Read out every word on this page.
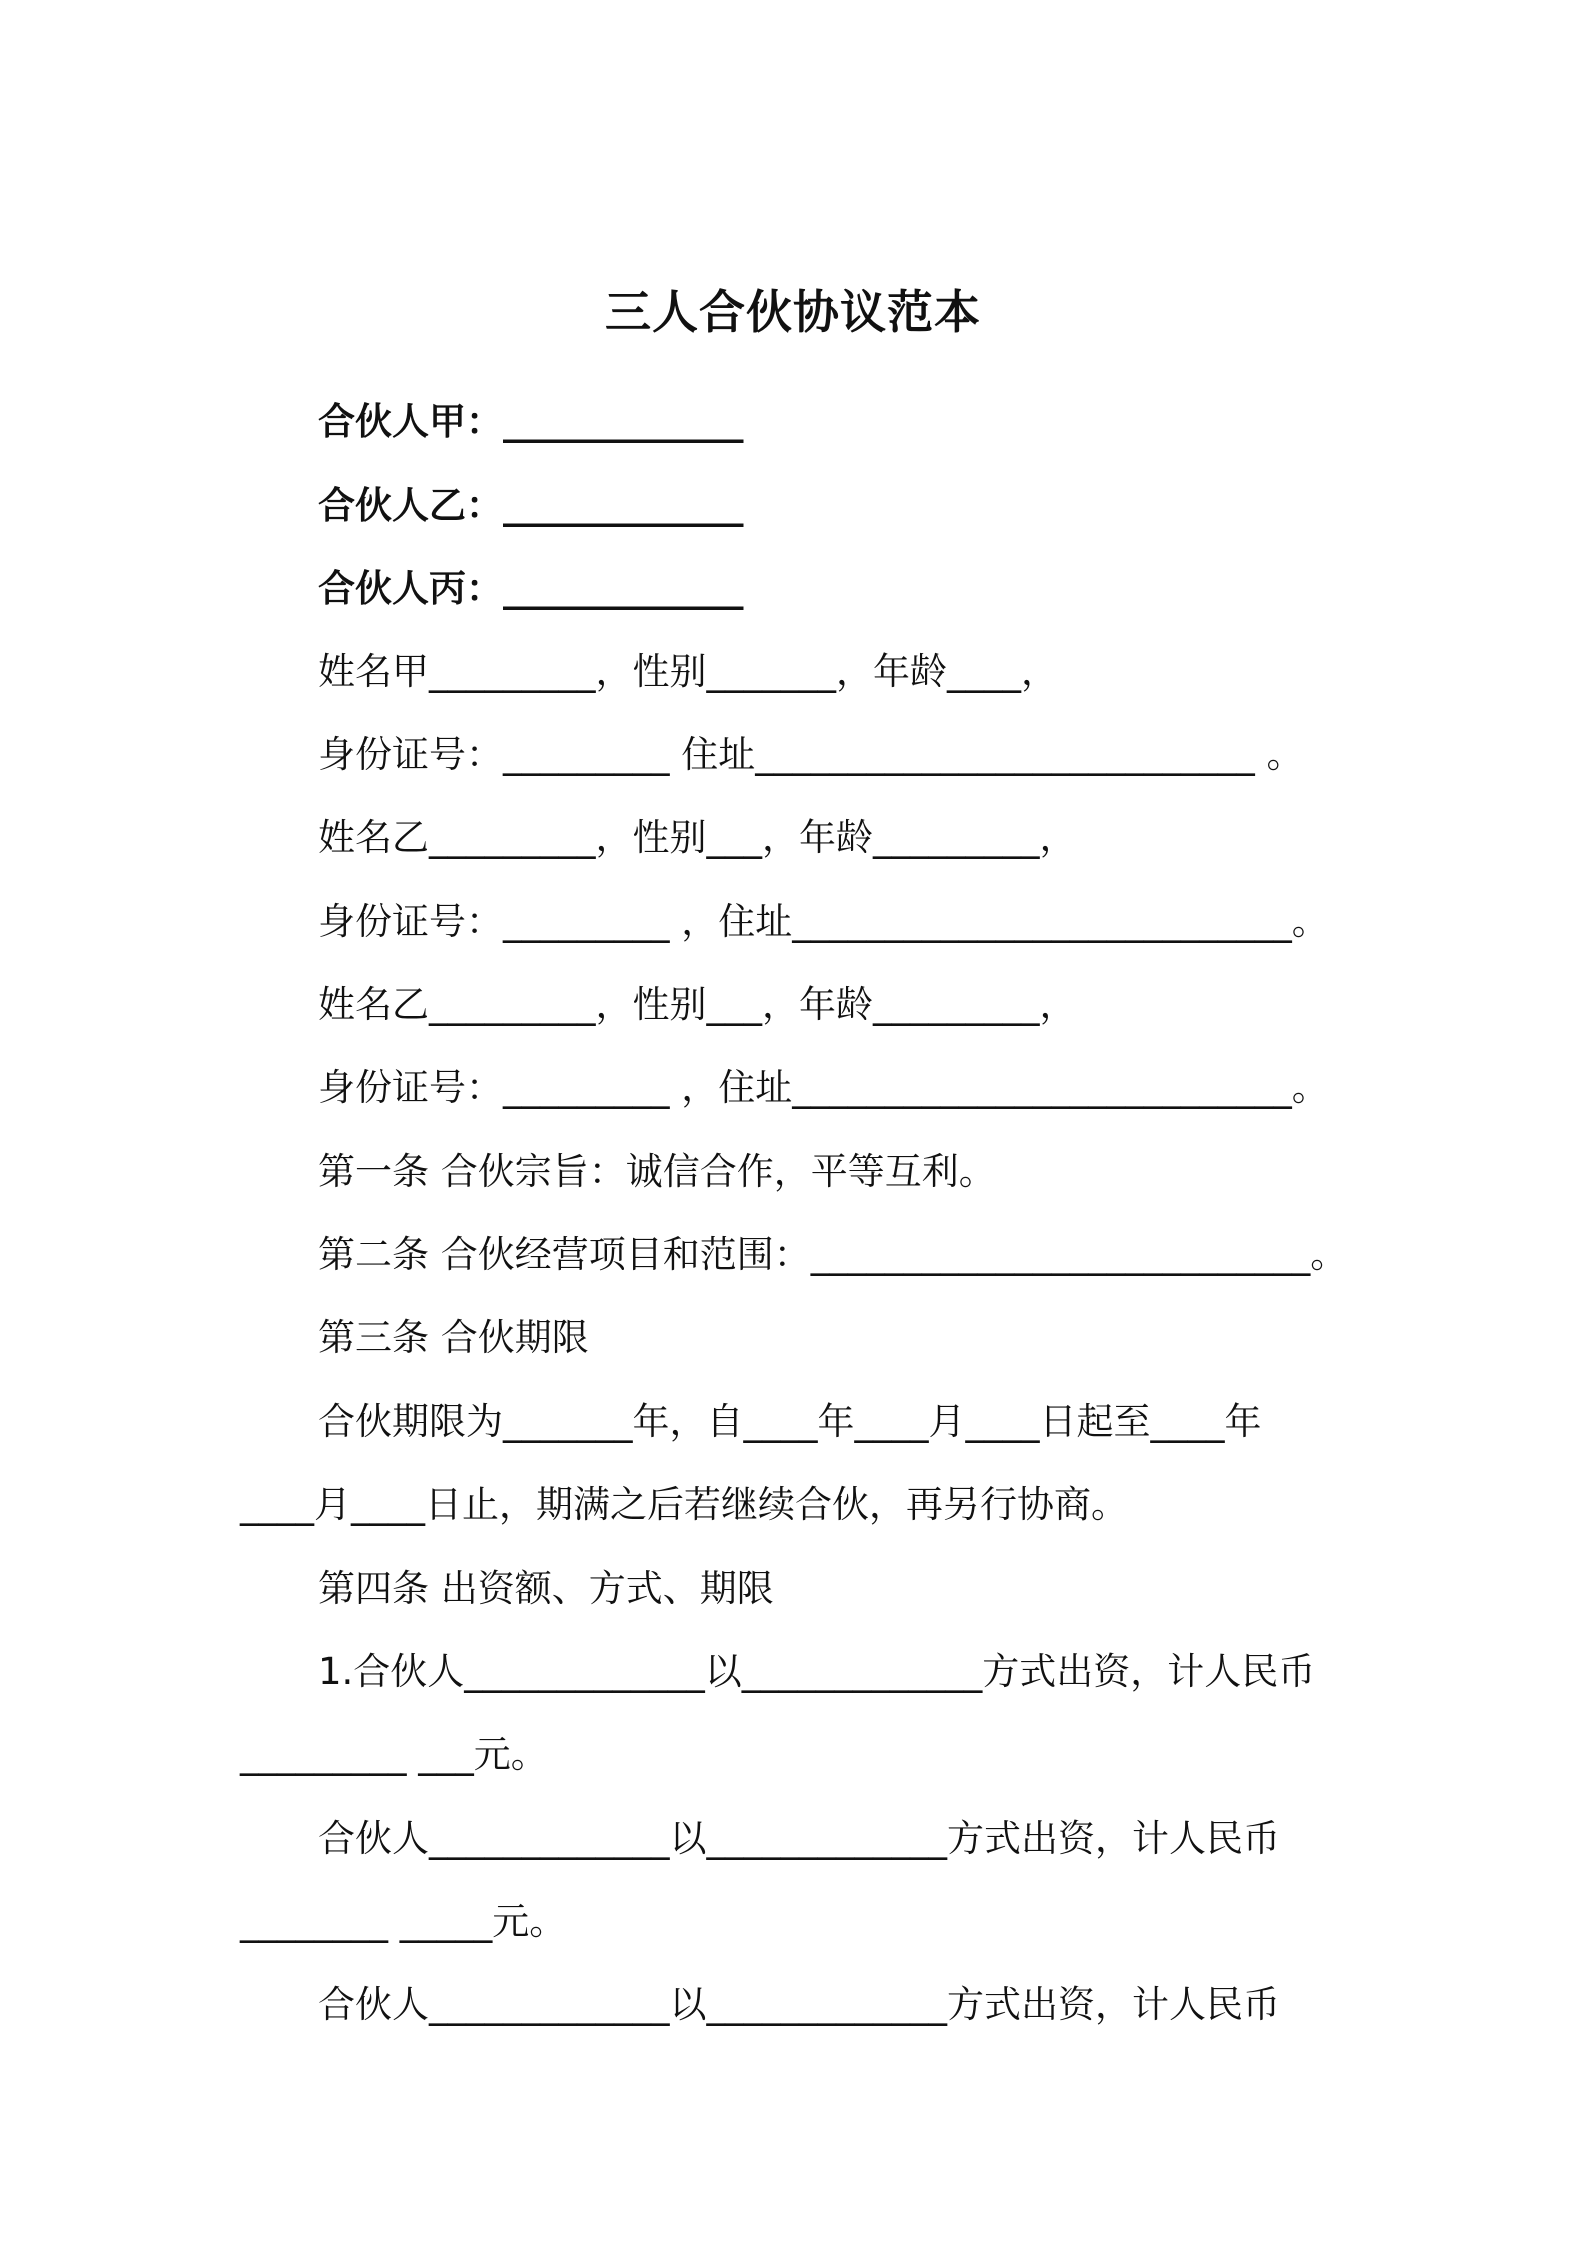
三人合伙协议范本
合伙人甲：_____________
合伙人乙：_____________
合伙人丙：_____________
姓名甲_________，性别_______，年龄____，
身份证号：_________ 住址___________________________ 。
姓名乙_________，性别___，年龄_________，
身份证号：_________ ，住址___________________________。
姓名乙_________，性别___，年龄_________，
身份证号：_________ ，住址___________________________。
第一条 合伙宗旨：诚信合作，平等互利。
第二条 合伙经营项目和范围：___________________________。
第三条 合伙期限
合伙期限为_______年，自____年____月____日起至____年
____月____日止，期满之后若继续合伙，再另行协商。
第四条 出资额、方式、期限
1.合伙人_____________以_____________方式出资，计人民币
_________ ___元。
合伙人_____________以_____________方式出资，计人民币
________ _____元。
合伙人_____________以_____________方式出资，计人民币
